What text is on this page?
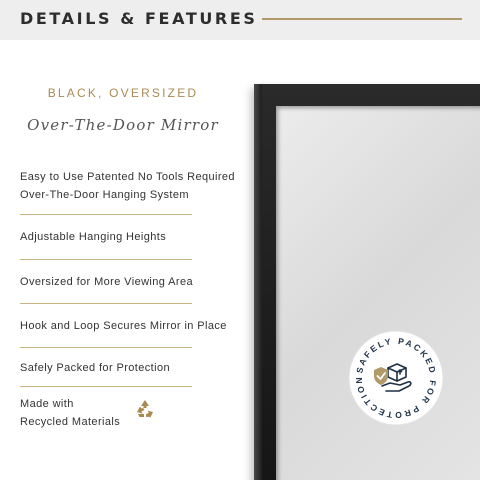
DETAILS & FEATURES
BLACK, OVERSIZED
Over-The-Door Mirror
Easy to Use Patented No Tools Required
Over-The-Door Hanging System
Adjustable Hanging Heights
Oversized for More Viewing Area
Hook and Loop Secures Mirror in Place
Safely Packed for Protection
Made with
Recycled Materials
SAFELY PACKED FOR PROTECTION
